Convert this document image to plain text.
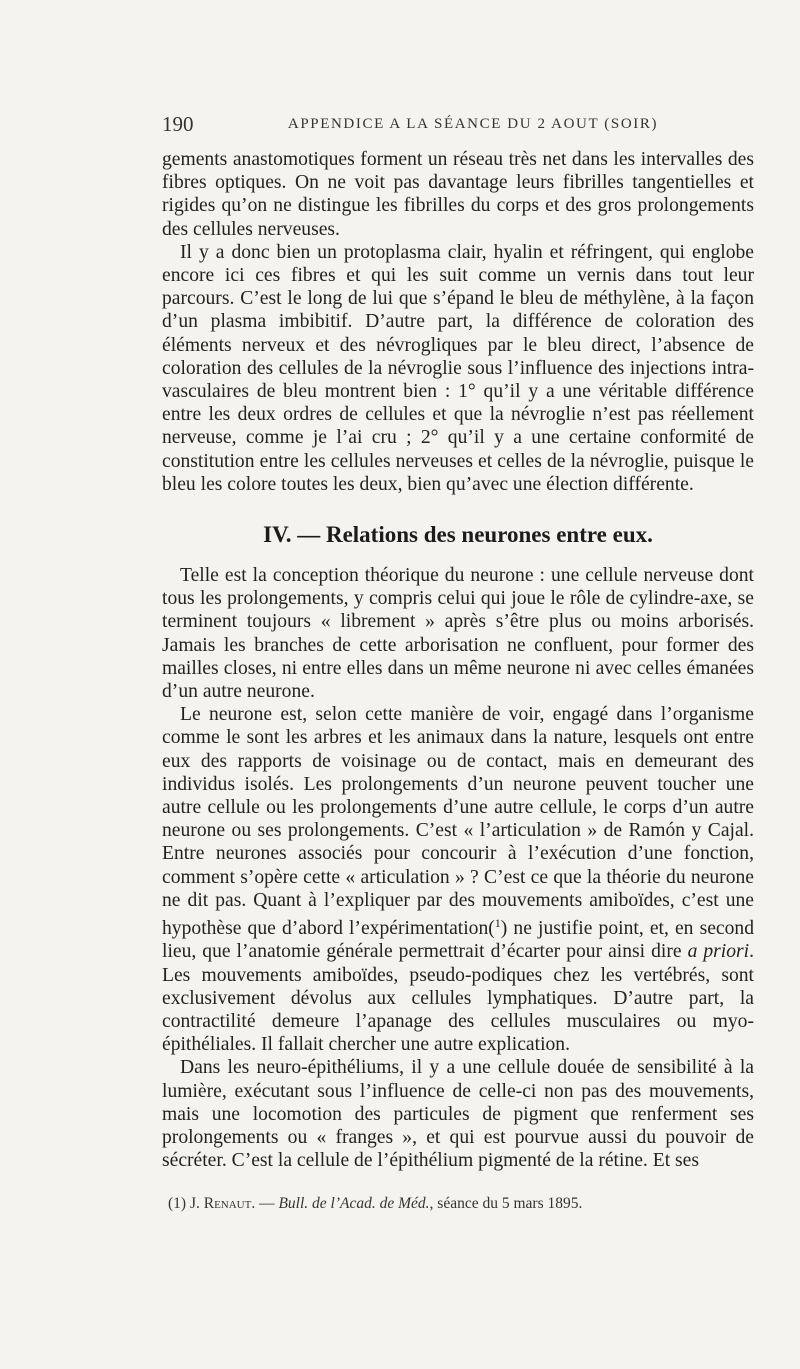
190	APPENDICE A LA SÉANCE DU 2 AOUT (SOIR)

gements anastomotiques forment un réseau très net dans les intervalles des fibres optiques. On ne voit pas davantage leurs fibrilles tangentielles et rigides qu’on ne distingue les fibrilles du corps et des gros prolongements des cellules nerveuses.

Il y a donc bien un protoplasma clair, hyalin et réfringent, qui englobe encore ici ces fibres et qui les suit comme un vernis dans tout leur parcours. C’est le long de lui que s’épand le bleu de méthylène, à la façon d’un plasma imbibitif. D’autre part, la différence de coloration des éléments nerveux et des névrogliques par le bleu direct, l’absence de coloration des cellules de la névroglie sous l’influence des injections intra-vasculaires de bleu montrent bien : 1° qu’il y a une véritable différence entre les deux ordres de cellules et que la névroglie n’est pas réellement nerveuse, comme je l’ai cru ; 2° qu’il y a une certaine conformité de constitution entre les cellules nerveuses et celles de la névroglie, puisque le bleu les colore toutes les deux, bien qu’avec une élection différente.

IV. — Relations des neurones entre eux.

Telle est la conception théorique du neurone : une cellule nerveuse dont tous les prolongements, y compris celui qui joue le rôle de cylindre-axe, se terminent toujours « librement » après s’être plus ou moins arborisés. Jamais les branches de cette arborisation ne confluent, pour former des mailles closes, ni entre elles dans un même neurone ni avec celles émanées d’un autre neurone.

Le neurone est, selon cette manière de voir, engagé dans l’organisme comme le sont les arbres et les animaux dans la nature, lesquels ont entre eux des rapports de voisinage ou de contact, mais en demeurant des individus isolés. Les prolongements d’un neurone peuvent toucher une autre cellule ou les prolongements d’une autre cellule, le corps d’un autre neurone ou ses prolongements. C’est « l’articulation » de Ramón y Cajal. Entre neurones associés pour concourir à l’exécution d’une fonction, comment s’opère cette « articulation » ? C’est ce que la théorie du neurone ne dit pas. Quant à l’expliquer par des mouvements amiboïdes, c’est une hypothèse que d’abord l’expérimentation($^1$) ne justifie point, et, en second lieu, que l’anatomie générale permettrait d’écarter pour ainsi dire a priori. Les mouvements amiboïdes, pseudo-podiques chez les vertébrés, sont exclusivement dévolus aux cellules lymphatiques. D’autre part, la contractilité demeure l’apanage des cellules musculaires ou myo-épithéliales. Il fallait chercher une autre explication.

Dans les neuro-épithéliums, il y a une cellule douée de sensibilité à la lumière, exécutant sous l’influence de celle-ci non pas des mouvements, mais une locomotion des particules de pigment que renferment ses prolongements ou « franges », et qui est pourvue aussi du pouvoir de sécréter. C’est la cellule de l’épithélium pigmenté de la rétine. Et ses

(1) J. Renaut. — Bull. de l’Acad. de Méd., séance du 5 mars 1895.
